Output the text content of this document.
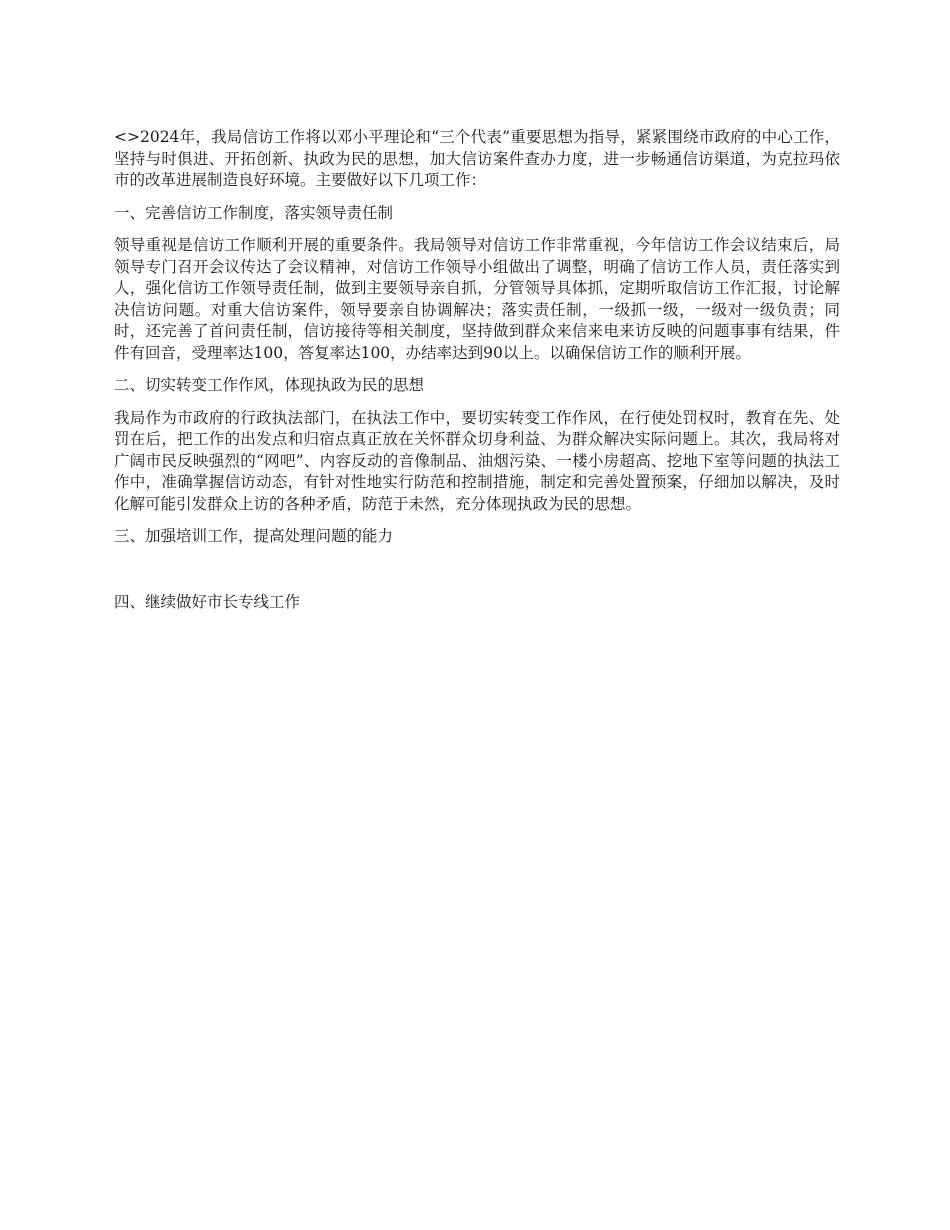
<>2024年，我局信访工作将以邓小平理论和“三个代表”重要思想为指导，紧紧围绕市政府的中心工作，坚持与时俱进、开拓创新、执政为民的思想，加大信访案件查办力度，进一步畅通信访渠道，为克拉玛依市的改革进展制造良好环境。主要做好以下几项工作：

一、完善信访工作制度，落实领导责任制

领导重视是信访工作顺利开展的重要条件。我局领导对信访工作非常重视，今年信访工作会议结束后，局领导专门召开会议传达了会议精神，对信访工作领导小组做出了调整，明确了信访工作人员，责任落实到人，强化信访工作领导责任制，做到主要领导亲自抓，分管领导具体抓，定期听取信访工作汇报，讨论解决信访问题。对重大信访案件，领导要亲自协调解决；落实责任制，一级抓一级，一级对一级负责；同时，还完善了首问责任制，信访接待等相关制度，坚持做到群众来信来电来访反映的问题事事有结果，件件有回音，受理率达100，答复率达100，办结率达到90以上。以确保信访工作的顺利开展。

二、切实转变工作作风，体现执政为民的思想

我局作为市政府的行政执法部门，在执法工作中，要切实转变工作作风，在行使处罚权时，教育在先、处罚在后，把工作的出发点和归宿点真正放在关怀群众切身利益、为群众解决实际问题上。其次，我局将对广阔市民反映强烈的“网吧”、内容反动的音像制品、油烟污染、一楼小房超高、挖地下室等问题的执法工作中，准确掌握信访动态，有针对性地实行防范和控制措施，制定和完善处置预案，仔细加以解决，及时化解可能引发群众上访的各种矛盾，防范于未然，充分体现执政为民的思想。

三、加强培训工作，提高处理问题的能力

四、继续做好市长专线工作
